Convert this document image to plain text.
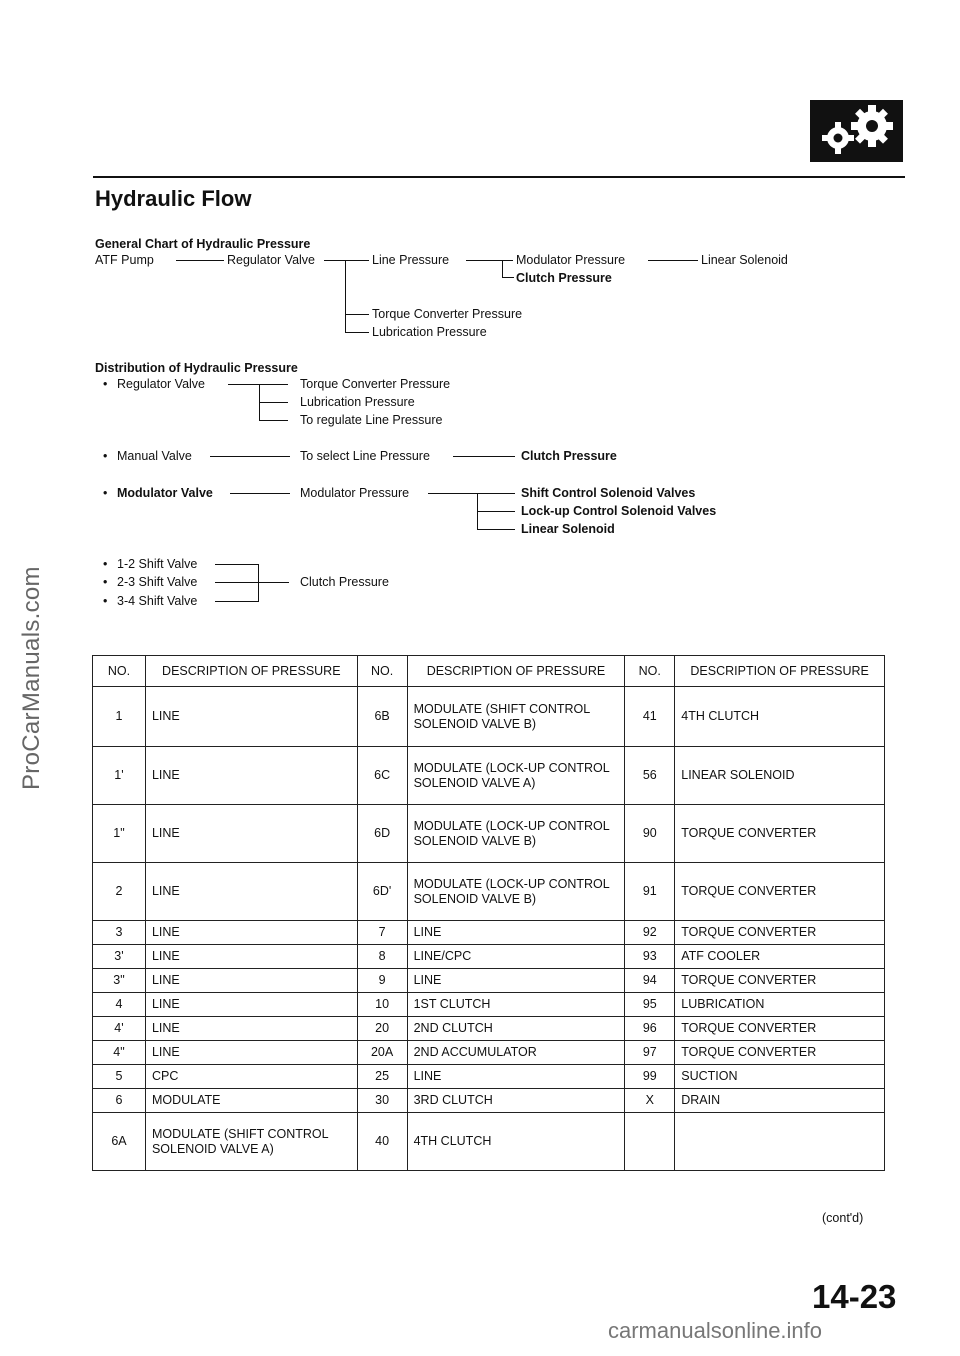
ProCarManuals.com
carmanualsonline.info
Hydraulic Flow
General Chart of Hydraulic Pressure
ATF Pump	Regulator Valve	Line Pressure	Modulator Pressure	Linear Solenoid
Clutch Pressure
Torque Converter Pressure
Lubrication Pressure
Distribution of Hydraulic Pressure
• Regulator Valve	Torque Converter Pressure
Lubrication Pressure
To regulate Line Pressure
• Manual Valve	To select Line Pressure	Clutch Pressure
• Modulator Valve	Modulator Pressure	Shift Control Solenoid Valves
Lock-up Control Solenoid Valves
Linear Solenoid
•
•
•
1-2 Shift Valve
2-3 Shift Valve
3-4 Shift Valve
Clutch Pressure
NO.	DESCRIPTION OF PRESSURE	NO.	DESCRIPTION OF PRESSURE	NO.	DESCRIPTION OF PRESSURE
1	LINE	6B	MODULATE (SHIFT CONTROL SOLENOID VALVE B)	41	4TH CLUTCH
1'	LINE	6C	MODULATE (LOCK-UP CONTROL SOLENOID VALVE A)	56	LINEAR SOLENOID
1"	LINE	6D	MODULATE (LOCK-UP CONTROL SOLENOID VALVE B)	90	TORQUE CONVERTER
2	LINE	6D'	MODULATE (LOCK-UP CONTROL SOLENOID VALVE B)	91	TORQUE CONVERTER
3	LINE	7	LINE	92	TORQUE CONVERTER
3'	LINE	8	LINE/CPC	93	ATF COOLER
3"	LINE	9	LINE	94	TORQUE CONVERTER
4	LINE	10	1ST CLUTCH	95	LUBRICATION
4'	LINE	20	2ND CLUTCH	96	TORQUE CONVERTER
4"	LINE	20A	2ND ACCUMULATOR	97	TORQUE CONVERTER
5	CPC	25	LINE	99	SUCTION
6	MODULATE	30	3RD CLUTCH	X	DRAIN
6A	MODULATE (SHIFT CONTROL SOLENOID VALVE A)	40	4TH CLUTCH		
(cont'd)
14-23
